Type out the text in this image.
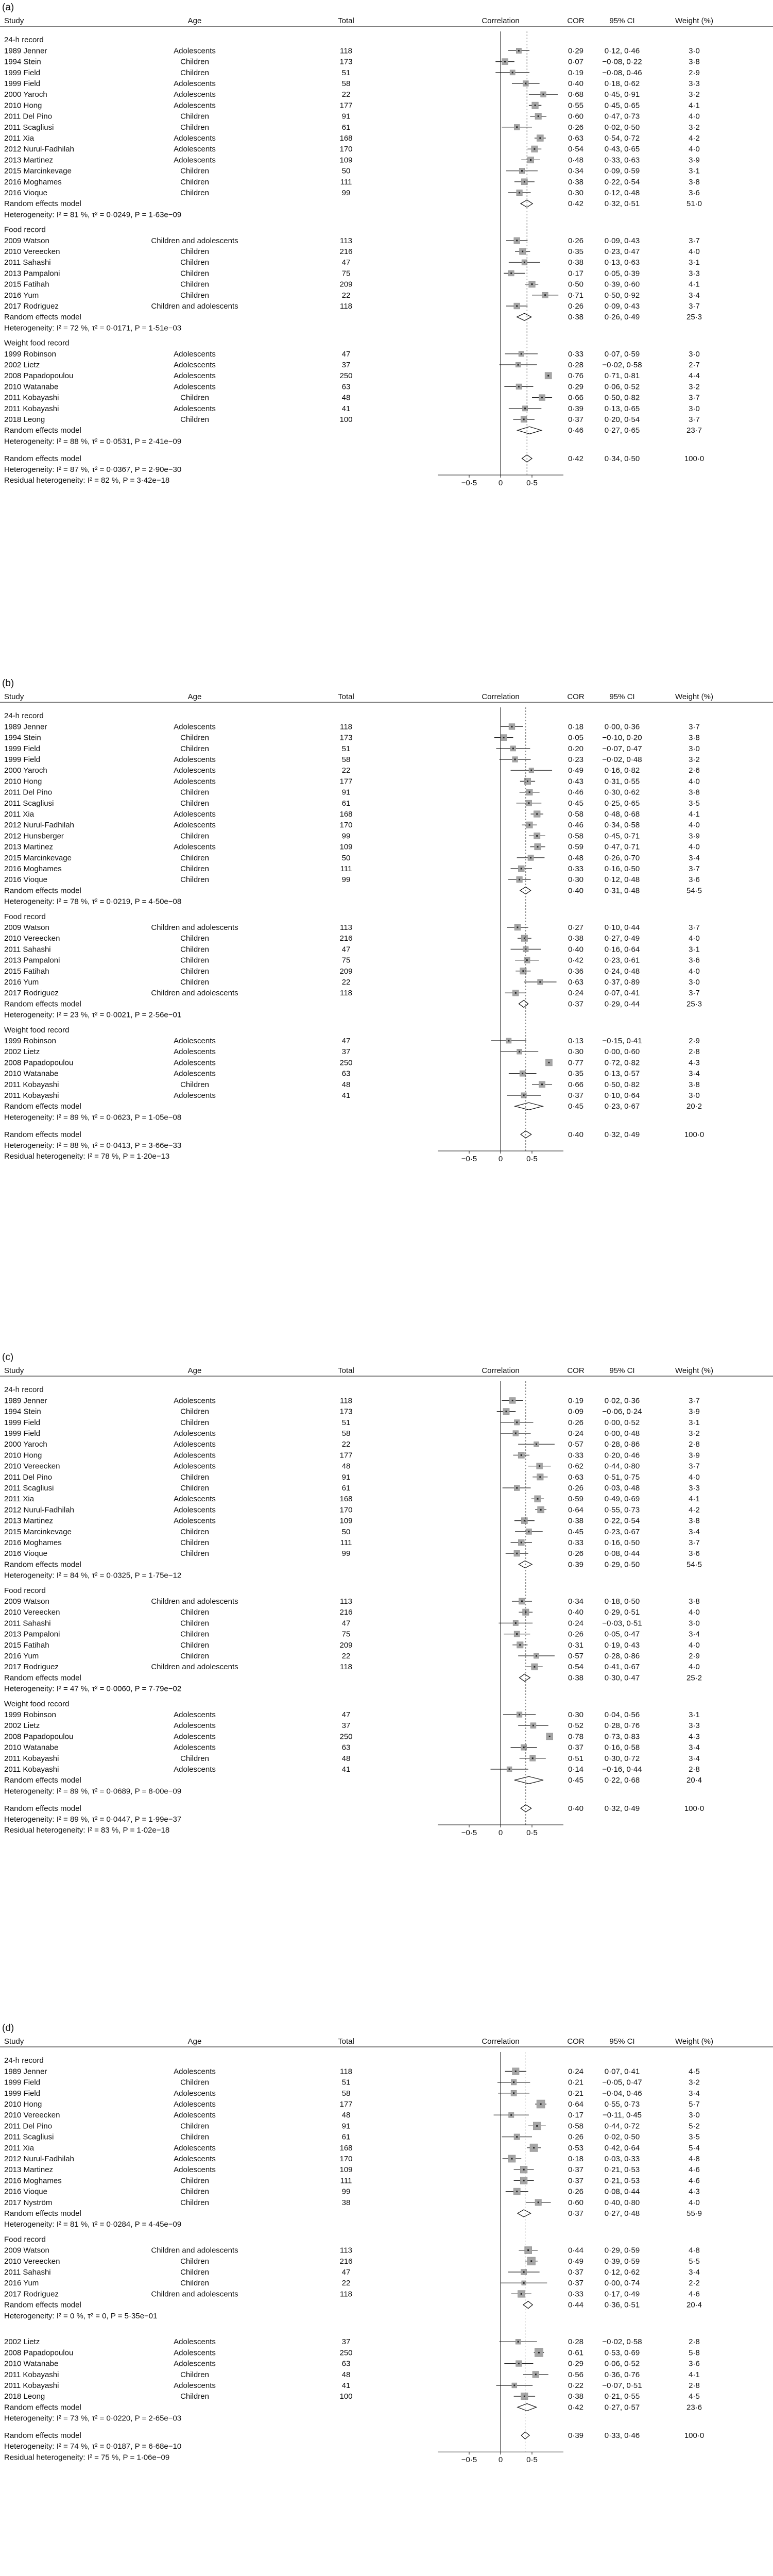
(a)
Study	Age	Total	Correlation	COR	95% CI	Weight (%)
24-h record
1989 Jenner	Adolescents	118	0·29	0·12, 0·46	3·0
1994 Stein	Children	173	0·07 −0·08, 0·22	3·8
1999 Field	Children	51	0·19 −0·08, 0·46	2·9
1999 Field	Adolescents	58	0·40	0·18, 0·62	3·3
2000 Yaroch	Adolescents	22	0·68	0·45, 0·91	3·2
2010 Hong	Adolescents	177	0·55	0·45, 0·65	4·1
2011 Del Pino	Children	91	0·60	0·47, 0·73	4·0
2011 Scagliusi	Children	61	0·26	0·02, 0·50	3·2
2011 Xia	Adolescents	168	0·63	0·54, 0·72	4·2
2012 Nurul-Fadhilah	Adolescents	170	0·54	0·43, 0·65	4·0
2013 Martinez	Adolescents	109	0·48	0·33, 0·63	3·9
2015 Marcinkevage	Children	50	0·34	0·09, 0·59	3·1
2016 Moghames	Children	111	0·38	0·22, 0·54	3·8
2016 Vioque	Children	99	0·30	0·12, 0·48	3·6
Random effects model	0·42	0·32, 0·51	51·0
Heterogeneity: I² = 81 %, τ² = 0·0249, P = 1·63e−09
Food record
2009 Watson	Children and adolescents	113	0·26	0·09, 0·43	3·7
2010 Vereecken	Children	216	0·35	0·23, 0·47	4·0
2011 Sahashi	Children	47	0·38	0·13, 0·63	3·1
2013 Pampaloni	Children	75	0·17	0·05, 0·39	3·3
2015 Fatihah	Children	209	0·50	0·39, 0·60	4·1
2016 Yum	Children	22	0·71	0·50, 0·92	3·4
2017 Rodriguez	Children and adolescents	118	0·26	0·09, 0·43	3·7
Random effects model	0·38	0·26, 0·49	25·3
Heterogeneity: I² = 72 %, τ² = 0·0171, P = 1·51e−03
Weight food record
1999 Robinson	Adolescents	47	0·33	0·07, 0·59	3·0
2002 Lietz	Adolescents	37	0·28 −0·02, 0·58	2·7
2008 Papadopoulou	Adolescents	250	0·76	0·71, 0·81	4·4
2010 Watanabe	Adolescents	63	0·29	0·06, 0·52	3·2
2011 Kobayashi	Children	48	0·66	0·50, 0·82	3·7
2011 Kobayashi	Adolescents	41	0·39	0·13, 0·65	3·0
2018 Leong	Children	100	0·37	0·20, 0·54	3·7
Random effects model	0·46	0·27, 0·65	23·7
Heterogeneity: I² = 88 %, τ² = 0·0531, P = 2·41e−09
Random effects model	0·42	0·34, 0·50	100·0
Heterogeneity: I² = 87 %, τ² = 0·0367, P = 2·90e−30
Residual heterogeneity: I² = 82 %, P = 3·42e−18	−0·5	0	0·5
(b)
Study	Age	Total	Correlation	COR	95% CI	Weight (%)
24-h record
1989 Jenner	Adolescents	118	0·18	0·00, 0·36	3·7
1994 Stein	Children	173	0·05 −0·10, 0·20	3·8
1999 Field	Children	51	0·20 −0·07, 0·47	3·0
1999 Field	Adolescents	58	0·23 −0·02, 0·48	3·2
2000 Yaroch	Adolescents	22	0·49	0·16, 0·82	2·6
2010 Hong	Adolescents	177	0·43	0·31, 0·55	4·0
2011 Del Pino	Children	91	0·46	0·30, 0·62	3·8
2011 Scagliusi	Children	61	0·45	0·25, 0·65	3·5
2011 Xia	Adolescents	168	0·58	0·48, 0·68	4·1
2012 Nurul-Fadhilah	Adolescents	170	0·46	0·34, 0·58	4·0
2012 Hunsberger	Children	99	0·58	0·45, 0·71	3·9
2013 Martinez	Adolescents	109	0·59	0·47, 0·71	4·0
2015 Marcinkevage	Children	50	0·48	0·26, 0·70	3·4
2016 Moghames	Children	111	0·33	0·16, 0·50	3·7
2016 Vioque	Children	99	0·30	0·12, 0·48	3·6
Random effects model	0·40	0·31, 0·48	54·5
Heterogeneity: I² = 78 %, τ² = 0·0219, P = 4·50e−08
Food record
2009 Watson	Children and adolescents	113	0·27	0·10, 0·44	3·7
2010 Vereecken	Children	216	0·38	0·27, 0·49	4·0
2011 Sahashi	Children	47	0·40	0·16, 0·64	3·1
2013 Pampaloni	Children	75	0·42	0·23, 0·61	3·6
2015 Fatihah	Children	209	0·36	0·24, 0·48	4·0
2016 Yum	Children	22	0·63	0·37, 0·89	3·0
2017 Rodriguez	Children and adolescents	118	0·24	0·07, 0·41	3·7
Random effects model	0·37	0·29, 0·44	25·3
Heterogeneity: I² = 23 %, τ² = 0·0021, P = 2·56e−01
Weight food record
1999 Robinson	Adolescents	47	0·13 −0·15, 0·41	2·9
2002 Lietz	Adolescents	37	0·30	0·00, 0·60	2·8
2008 Papadopoulou	Adolescents	250	0·77	0·72, 0·82	4·3
2010 Watanabe	Adolescents	63	0·35	0·13, 0·57	3·4
2011 Kobayashi	Children	48	0·66	0·50, 0·82	3·8
2011 Kobayashi	Adolescents	41	0·37	0·10, 0·64	3·0
Random effects model	0·45	0·23, 0·67	20·2
Heterogeneity: I² = 89 %, τ² = 0·0623, P = 1·05e−08
Random effects model	0·40	0·32, 0·49	100·0
Heterogeneity: I² = 88 %, τ² = 0·0413, P = 3·66e−33
Residual heterogeneity: I² = 78 %, P = 1·20e−13	−0·5	0	0·5
(c)
Study	Age	Total	Correlation	COR	95% CI	Weight (%)
24-h record
1989 Jenner	Adolescents	118	0·19	0·02, 0·36	3·7
1994 Stein	Children	173	0·09 −0·06, 0·24	3·9
1999 Field	Children	51	0·26	0·00, 0·52	3·1
1999 Field	Adolescents	58	0·24	0·00, 0·48	3·2
2000 Yaroch	Adolescents	22	0·57	0·28, 0·86	2·8
2010 Hong	Adolescents	177	0·33	0·20, 0·46	3·9
2010 Vereecken	Adolescents	48	0·62	0·44, 0·80	3·7
2011 Del Pino	Children	91	0·63	0·51, 0·75	4·0
2011 Scagliusi	Children	61	0·26	0·03, 0·48	3·3
2011 Xia	Adolescents	168	0·59	0·49, 0·69	4·1
2012 Nurul-Fadhilah	Adolescents	170	0·64	0·55, 0·73	4·2
2013 Martinez	Adolescents	109	0·38	0·22, 0·54	3·8
2015 Marcinkevage	Children	50	0·45	0·23, 0·67	3·4
2016 Moghames	Children	111	0·33	0·16, 0·50	3·7
2016 Vioque	Children	99	0·26	0·08, 0·44	3·6
Random effects model	0·39	0·29, 0·50	54·5
Heterogeneity: I² = 84 %, τ² = 0·0325, P = 1·75e−12
Food record
2009 Watson	Children and adolescents	113	0·34	0·18, 0·50	3·8
2010 Vereecken	Children	216	0·40	0·29, 0·51	4·0
2011 Sahashi	Children	47	0·24 −0·03, 0·51	3·0
2013 Pampaloni	Children	75	0·26	0·05, 0·47	3·4
2015 Fatihah	Children	209	0·31	0·19, 0·43	4·0
2016 Yum	Children	22	0·57	0·28, 0·86	2·9
2017 Rodriguez	Children and adolescents	118	0·54	0·41, 0·67	4·0
Random effects model	0·38	0·30, 0·47	25·2
Heterogeneity: I² = 47 %, τ² = 0·0060, P = 7·79e−02
Weight food record
1999 Robinson	Adolescents	47	0·30	0·04, 0·56	3·1
2002 Lietz	Adolescents	37	0·52	0·28, 0·76	3·3
2008 Papadopoulou	Adolescents	250	0·78	0·73, 0·83	4·3
2010 Watanabe	Adolescents	63	0·37	0·16, 0·58	3·4
2011 Kobayashi	Children	48	0·51	0·30, 0·72	3·4
2011 Kobayashi	Adolescents	41	0·14 −0·16, 0·44	2·8
Random effects model	0·45	0·22, 0·68	20·4
Heterogeneity: I² = 89 %, τ² = 0·0689, P = 8·00e−09
Random effects model	0·40	0·32, 0·49	100·0
Heterogeneity: I² = 89 %, τ² = 0·0447, P = 1·99e−37
Residual heterogeneity: I² = 83 %, P = 1·02e−18	−0·5	0	0·5
(d)
Study	Age	Total	Correlation	COR	95% CI	Weight (%)
24-h record
1989 Jenner	Adolescents	118	0·24	0·07, 0·41	4·5
1999 Field	Children	51	0·21 −0·05, 0·47	3·2
1999 Field	Adolescents	58	0·21 −0·04, 0·46	3·4
2010 Hong	Adolescents	177	0·64	0·55, 0·73	5·7
2010 Vereecken	Adolescents	48	0·17 −0·11, 0·45	3·0
2011 Del Pino	Children	91	0·58	0·44, 0·72	5·2
2011 Scagliusi	Children	61	0·26	0·02, 0·50	3·5
2011 Xia	Adolescents	168	0·53	0·42, 0·64	5·4
2012 Nurul-Fadhilah	Adolescents	170	0·18	0·03, 0·33	4·8
2013 Martinez	Adolescents	109	0·37	0·21, 0·53	4·6
2016 Moghames	Children	111	0·37	0·21, 0·53	4·6
2016 Vioque	Children	99	0·26	0·08, 0·44	4·3
2017 Nyström	Children	38	0·60	0·40, 0·80	4·0
Random effects model	0·37	0·27, 0·48	55·9
Heterogeneity: I² = 81 %, τ² = 0·0284, P = 4·45e−09
Food record
2009 Watson	Children and adolescents	113	0·44	0·29, 0·59	4·8
2010 Vereecken	Children	216	0·49	0·39, 0·59	5·5
2011 Sahashi	Children	47	0·37	0·12, 0·62	3·4
2016 Yum	Children	22	0·37	0·00, 0·74	2·2
2017 Rodriguez	Children and adolescents	118	0·33	0·17, 0·49	4·6
Random effects model	0·44	0·36, 0·51	20·4
Heterogeneity: I² = 0 %, τ² = 0, P = 5·35e−01
2002 Lietz	Adolescents	37	0·28 −0·02, 0·58	2·8
2008 Papadopoulou	Adolescents	250	0·61	0·53, 0·69	5·8
2010 Watanabe	Adolescents	63	0·29	0·06, 0·52	3·6
2011 Kobayashi	Children	48	0·56	0·36, 0·76	4·1
2011 Kobayashi	Adolescents	41	0·22 −0·07, 0·51	2·8
2018 Leong	Children	100	0·38	0·21, 0·55	4·5
Random effects model	0·42	0·27, 0·57	23·6
Heterogeneity: I² = 73 %, τ² = 0·0220, P = 2·65e−03
Random effects model	0·39	0·33, 0·46	100·0
Heterogeneity: I² = 74 %, τ² = 0·0187, P = 6·68e−10
Residual heterogeneity: I² = 75 %, P = 1·06e−09	−0·5	0	0·5
